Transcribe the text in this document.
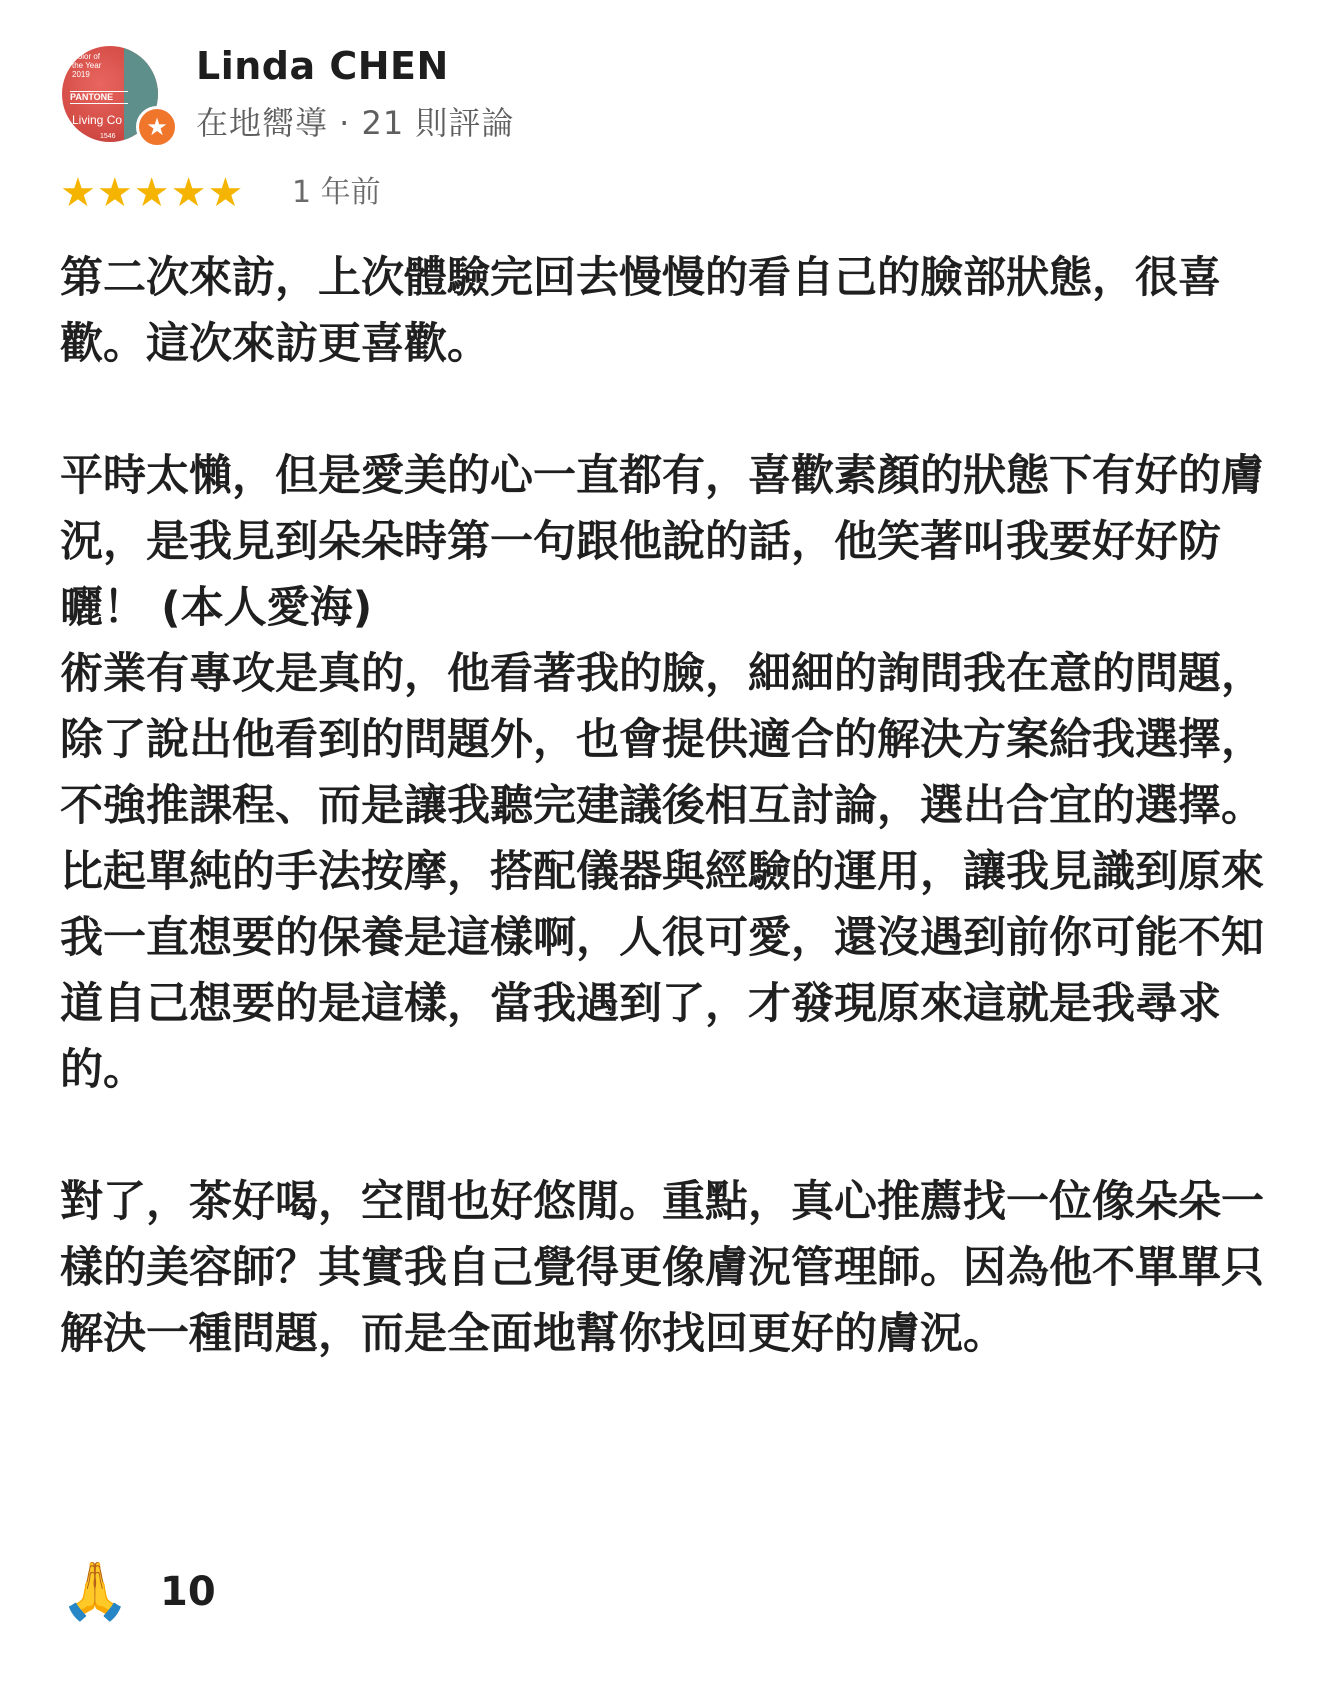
Color of
the Year
2019
PANTONE
Living Co
1546	★
Linda CHEN
在地嚮導 · 21 則評論
★★★★★ 1 年前

第二次來訪，上次體驗完回去慢慢的看自己的臉部狀態，很喜歡。這次來訪更喜歡。

平時太懶，但是愛美的心一直都有，喜歡素顏的狀態下有好的膚況，是我見到朵朵時第一句跟他說的話，他笑著叫我要好好防曬！ (本人愛海)

術業有專攻是真的，他看著我的臉，細細的詢問我在意的問題，除了說出他看到的問題外，也會提供適合的解決方案給我選擇，不強推課程、而是讓我聽完建議後相互討論，選出合宜的選擇。

比起單純的手法按摩，搭配儀器與經驗的運用，讓我見識到原來我一直想要的保養是這樣啊，人很可愛，還沒遇到前你可能不知道自己想要的是這樣，當我遇到了，才發現原來這就是我尋求的。

對了，茶好喝，空間也好悠閒。重點，真心推薦找一位像朵朵一樣的美容師？其實我自己覺得更像膚況管理師。因為他不單單只解決一種問題，而是全面地幫你找回更好的膚況。

🙏 10
